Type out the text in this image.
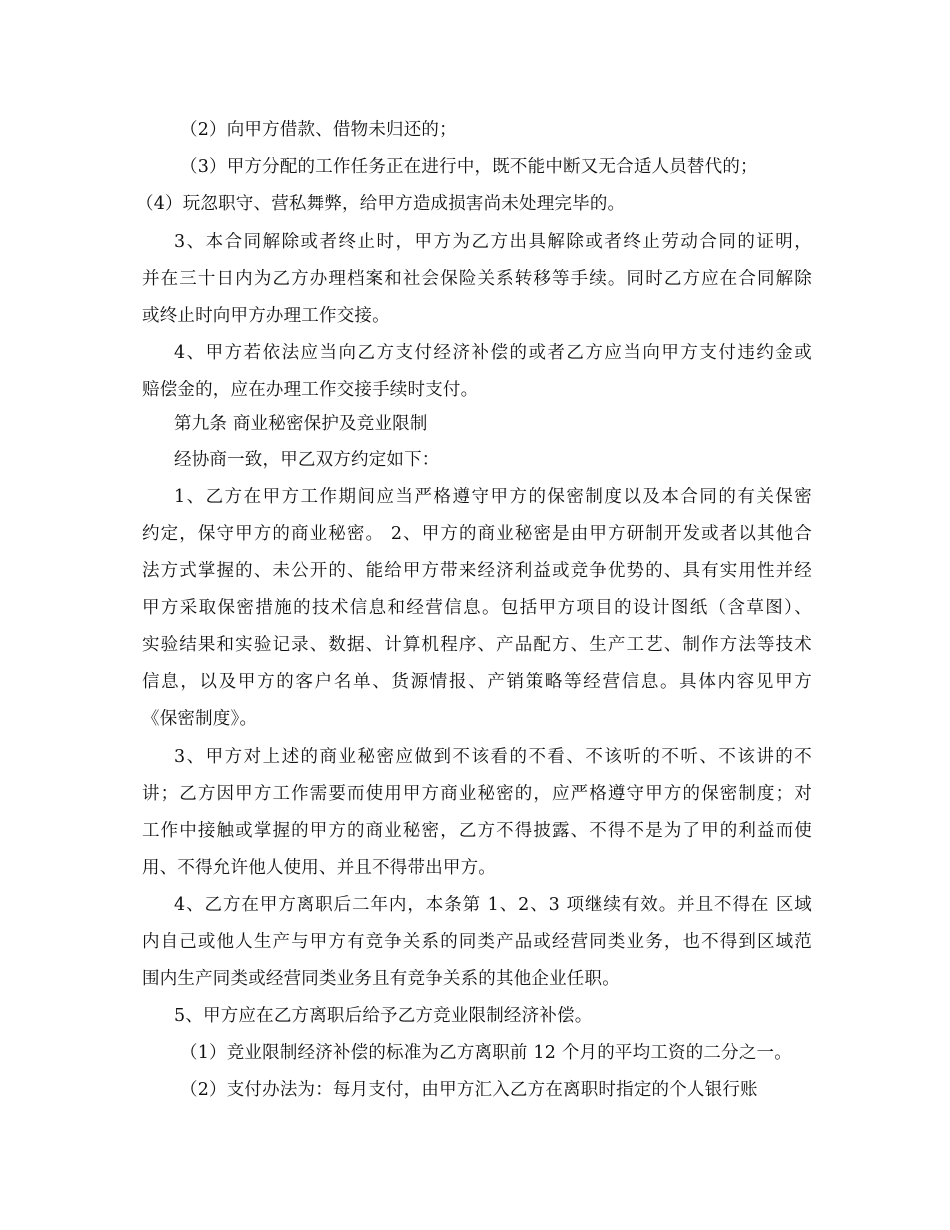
（2）向甲方借款、借物未归还的；
（3）甲方分配的工作任务正在进行中，既不能中断又无合适人员替代的；
（4）玩忽职守、营私舞弊，给甲方造成损害尚未处理完毕的。
3、本合同解除或者终止时，甲方为乙方出具解除或者终止劳动合同的证明，
并在三十日内为乙方办理档案和社会保险关系转移等手续。同时乙方应在合同解除
或终止时向甲方办理工作交接。
4、甲方若依法应当向乙方支付经济补偿的或者乙方应当向甲方支付违约金或
赔偿金的，应在办理工作交接手续时支付。
第九条 商业秘密保护及竞业限制
经协商一致，甲乙双方约定如下：
1、乙方在甲方工作期间应当严格遵守甲方的保密制度以及本合同的有关保密
约定，保守甲方的商业秘密。 2、甲方的商业秘密是由甲方研制开发或者以其他合
法方式掌握的、未公开的、能给甲方带来经济利益或竞争优势的、具有实用性并经
甲方采取保密措施的技术信息和经营信息。包括甲方项目的设计图纸（含草图）、
实验结果和实验记录、数据、计算机程序、产品配方、生产工艺、制作方法等技术
信息，以及甲方的客户名单、货源情报、产销策略等经营信息。具体内容见甲方
《保密制度》。
3、甲方对上述的商业秘密应做到不该看的不看、不该听的不听、不该讲的不
讲；乙方因甲方工作需要而使用甲方商业秘密的，应严格遵守甲方的保密制度；对
工作中接触或掌握的甲方的商业秘密，乙方不得披露、不得不是为了甲的利益而使
用、不得允许他人使用、并且不得带出甲方。
4、乙方在甲方离职后二年内，本条第 1、2、3 项继续有效。并且不得在 区域
内自己或他人生产与甲方有竞争关系的同类产品或经营同类业务，也不得到区域范
围内生产同类或经营同类业务且有竞争关系的其他企业任职。
5、甲方应在乙方离职后给予乙方竞业限制经济补偿。
（1）竞业限制经济补偿的标准为乙方离职前 12 个月的平均工资的二分之一。
（2）支付办法为：每月支付，由甲方汇入乙方在离职时指定的个人银行账
